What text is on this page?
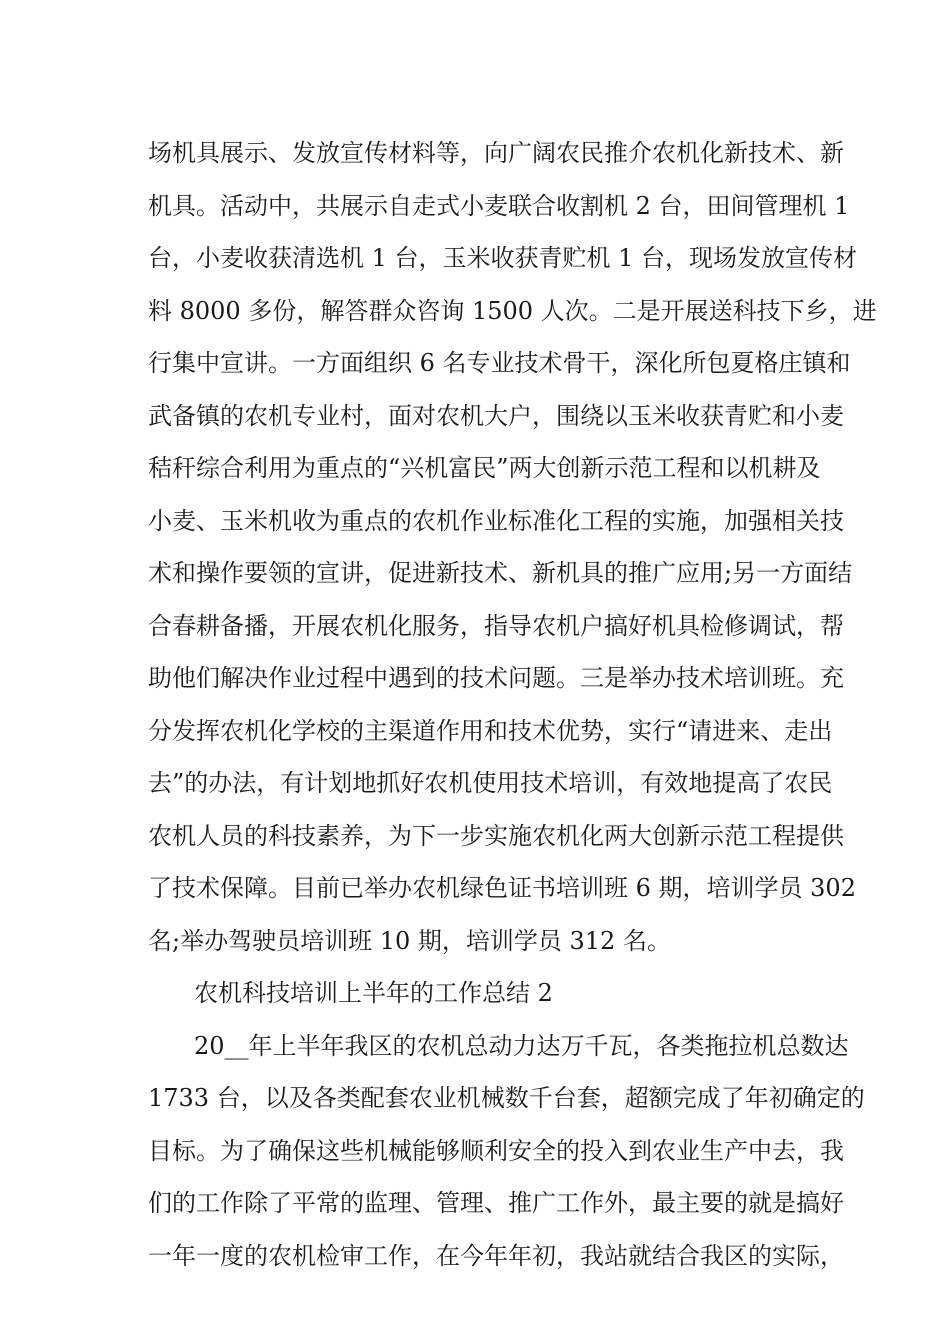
场机具展示、发放宣传材料等，向广阔农民推介农机化新技术、新
机具。活动中，共展示自走式小麦联合收割机 2 台，田间管理机 1
台，小麦收获清选机 1 台，玉米收获青贮机 1 台，现场发放宣传材
料 8000 多份，解答群众咨询 1500 人次。二是开展送科技下乡，进
行集中宣讲。一方面组织 6 名专业技术骨干，深化所包夏格庄镇和
武备镇的农机专业村，面对农机大户，围绕以玉米收获青贮和小麦
秸秆综合利用为重点的“兴机富民”两大创新示范工程和以机耕及
小麦、玉米机收为重点的农机作业标准化工程的实施，加强相关技
术和操作要领的宣讲，促进新技术、新机具的推广应用;另一方面结
合春耕备播，开展农机化服务，指导农机户搞好机具检修调试，帮
助他们解决作业过程中遇到的技术问题。三是举办技术培训班。充
分发挥农机化学校的主渠道作用和技术优势，实行“请进来、走出
去”的办法，有计划地抓好农机使用技术培训，有效地提高了农民
农机人员的科技素养，为下一步实施农机化两大创新示范工程提供
了技术保障。目前已举办农机绿色证书培训班 6 期，培训学员 302
名;举办驾驶员培训班 10 期，培训学员 312 名。
农机科技培训上半年的工作总结 2
20__年上半年我区的农机总动力达万千瓦，各类拖拉机总数达
1733 台，以及各类配套农业机械数千台套，超额完成了年初确定的
目标。为了确保这些机械能够顺利安全的投入到农业生产中去，我
们的工作除了平常的监理、管理、推广工作外，最主要的就是搞好
一年一度的农机检审工作，在今年年初，我站就结合我区的实际，
